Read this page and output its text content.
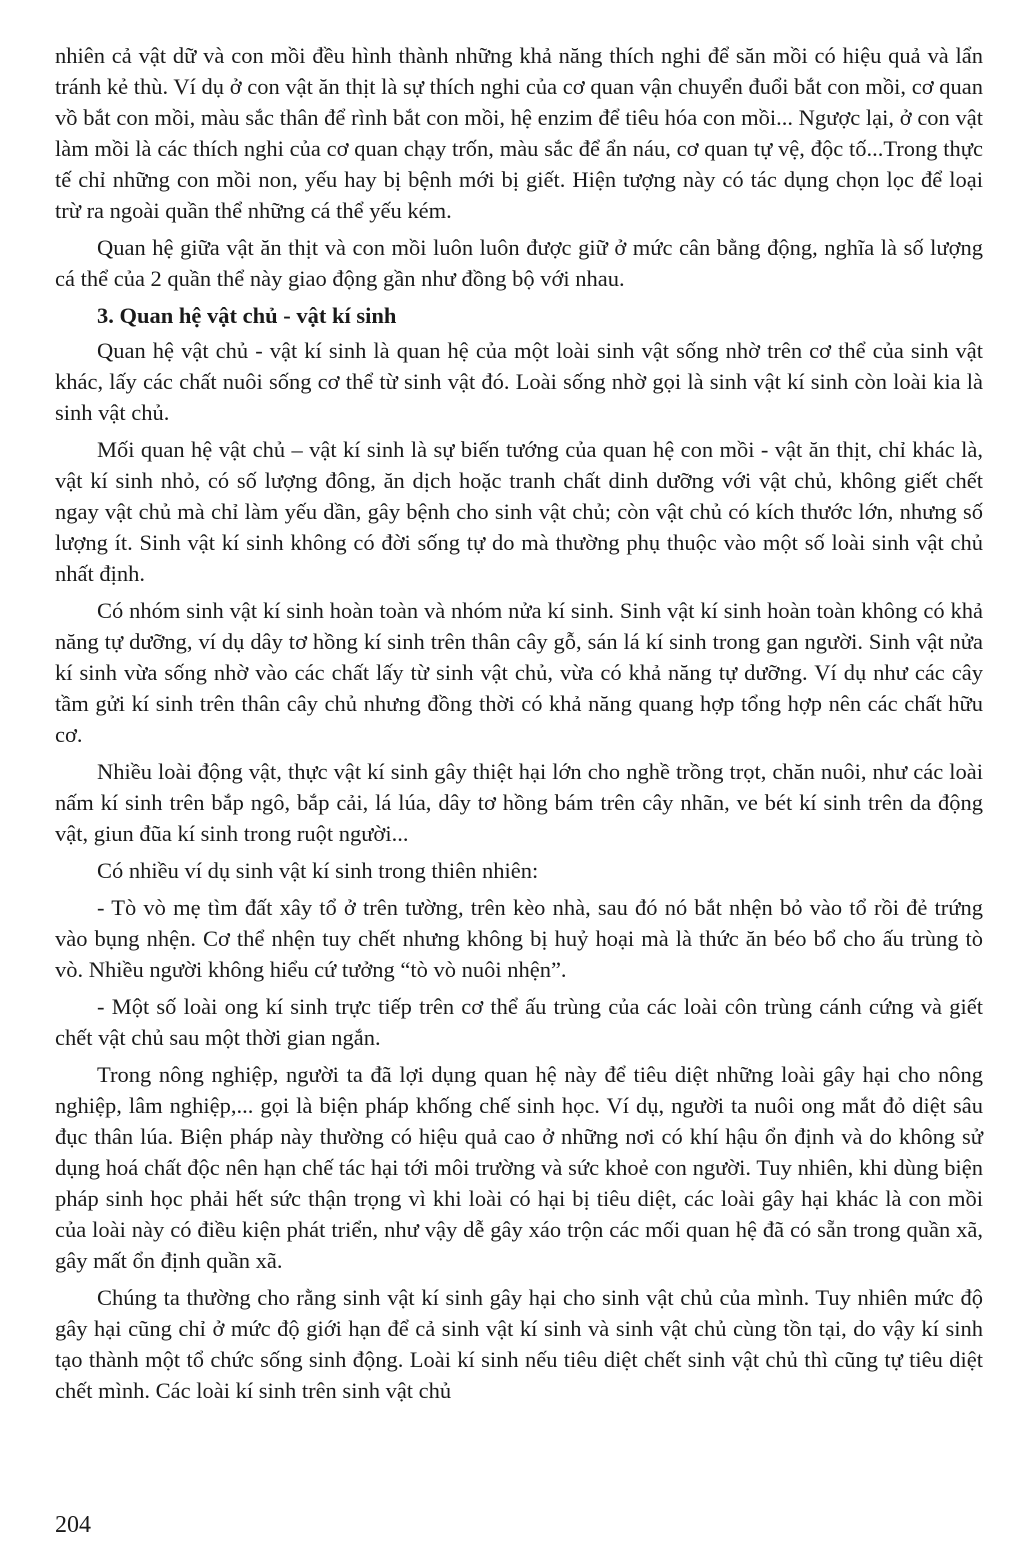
nhiên cả vật dữ và con mồi đều hình thành những khả năng thích nghi để săn mồi có hiệu quả và lẩn tránh kẻ thù. Ví dụ ở con vật ăn thịt là sự thích nghi của cơ quan vận chuyển đuổi bắt con mồi, cơ quan vồ bắt con mồi, màu sắc thân để rình bắt con mồi, hệ enzim để tiêu hóa con mồi... Ngược lại, ở con vật làm mồi là các thích nghi của cơ quan chạy trốn, màu sắc để ẩn náu, cơ quan tự vệ, độc tố...Trong thực tế chỉ những con mồi non, yếu hay bị bệnh mới bị giết. Hiện tượng này có tác dụng chọn lọc để loại trừ ra ngoài quần thể những cá thể yếu kém.

Quan hệ giữa vật ăn thịt và con mồi luôn luôn được giữ ở mức cân bằng động, nghĩa là số lượng cá thể của 2 quần thể này giao động gần như đồng bộ với nhau.

3. Quan hệ vật chủ - vật kí sinh

Quan hệ vật chủ - vật kí sinh là quan hệ của một loài sinh vật sống nhờ trên cơ thể của sinh vật khác, lấy các chất nuôi sống cơ thể từ sinh vật đó. Loài sống nhờ gọi là sinh vật kí sinh còn loài kia là sinh vật chủ.

Mối quan hệ vật chủ – vật kí sinh là sự biến tướng của quan hệ con mồi - vật ăn thịt, chỉ khác là, vật kí sinh nhỏ, có số lượng đông, ăn dịch hoặc tranh chất dinh dưỡng với vật chủ, không giết chết ngay vật chủ mà chỉ làm yếu dần, gây bệnh cho sinh vật chủ; còn vật chủ có kích thước lớn, nhưng số lượng ít. Sinh vật kí sinh không có đời sống tự do mà thường phụ thuộc vào một số loài sinh vật chủ nhất định.

Có nhóm sinh vật kí sinh hoàn toàn và nhóm nửa kí sinh. Sinh vật kí sinh hoàn toàn không có khả năng tự dưỡng, ví dụ dây tơ hồng kí sinh trên thân cây gỗ, sán lá kí sinh trong gan người. Sinh vật nửa kí sinh vừa sống nhờ vào các chất lấy từ sinh vật chủ, vừa có khả năng tự dưỡng. Ví dụ như các cây tầm gửi kí sinh trên thân cây chủ nhưng đồng thời có khả năng quang hợp tổng hợp nên các chất hữu cơ.

Nhiều loài động vật, thực vật kí sinh gây thiệt hại lớn cho nghề trồng trọt, chăn nuôi, như các loài nấm kí sinh trên bắp ngô, bắp cải, lá lúa, dây tơ hồng bám trên cây nhãn, ve bét kí sinh trên da động vật, giun đũa kí sinh trong ruột người...

Có nhiều ví dụ sinh vật kí sinh trong thiên nhiên:

- Tò vò mẹ tìm đất xây tổ ở trên tường, trên kèo nhà, sau đó nó bắt nhện bỏ vào tổ rồi đẻ trứng vào bụng nhện. Cơ thể nhện tuy chết nhưng không bị huỷ hoại mà là thức ăn béo bổ cho ấu trùng tò vò. Nhiều người không hiểu cứ tưởng “tò vò nuôi nhện”.

- Một số loài ong kí sinh trực tiếp trên cơ thể ấu trùng của các loài côn trùng cánh cứng và giết chết vật chủ sau một thời gian ngắn.

Trong nông nghiệp, người ta đã lợi dụng quan hệ này để tiêu diệt những loài gây hại cho nông nghiệp, lâm nghiệp,... gọi là biện pháp khống chế sinh học. Ví dụ, người ta nuôi ong mắt đỏ diệt sâu đục thân lúa. Biện pháp này thường có hiệu quả cao ở những nơi có khí hậu ổn định và do không sử dụng hoá chất độc nên hạn chế tác hại tới môi trường và sức khoẻ con người. Tuy nhiên, khi dùng biện pháp sinh học phải hết sức thận trọng vì khi loài có hại bị tiêu diệt, các loài gây hại khác là con mồi của loài này có điều kiện phát triển, như vậy dễ gây xáo trộn các mối quan hệ đã có sẵn trong quần xã, gây mất ổn định quần xã.

Chúng ta thường cho rằng sinh vật kí sinh gây hại cho sinh vật chủ của mình. Tuy nhiên mức độ gây hại cũng chỉ ở mức độ giới hạn để cả sinh vật kí sinh và sinh vật chủ cùng tồn tại, do vậy kí sinh tạo thành một tổ chức sống sinh động. Loài kí sinh nếu tiêu diệt chết sinh vật chủ thì cũng tự tiêu diệt chết mình. Các loài kí sinh trên sinh vật chủ

204
